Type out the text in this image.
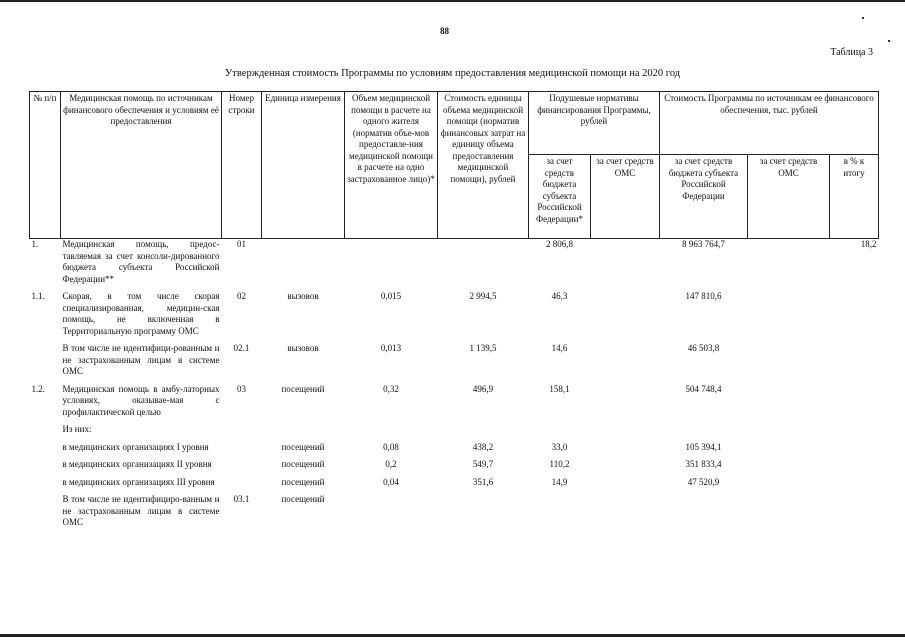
88
Таблица 3
Утвержденная стоимость Программы по условиям предоставления медицинской помощи на 2020 год
№ п/п	Медицинская помощь по источникам финансового обеспечения и условиям её предоставления	Номер строки	Единица измерения	Объем медицинской помощи в расчете на одного жителя (норматив объе-мов предоставле-ния медицинской помощи в расчете на одно застрахованное лицо)*	Стоимость единицы объема медицинской помощи (норматив финансовых затрат на единицу объема предоставления медицинской помощи), рублей	Подушевые нормативы финансирования Программы, рублей		Стоимость Программы по источникам ее финансового обеспечения, тыс. рублей		
						за счет средств бюджета субъекта Российской Федерации*	за счет средств ОМС	за счет средств бюджета субъекта Российской Федерации	за счет средств ОМС	в % к итогу
1.	Медицинская помощь, предос-тавляемая за счет консоли-дированного бюджета субъекта Российской Федерации**	01				2 806,8		8 963 764,7		18,2
1.1.	Скорая, в том числе скорая специализированная, медицин-ская помощь, не включенная в Территориальную программу ОМС	02	вызовов	0,015	2 994,5	46,3		147 810,6		
	В том числе не идентифици-рованным и не застрахованным лицам в системе ОМС	02.1	вызовов	0,013	1 139,5	14,6		46 503,8		
1.2.	Медицинская помощь в амбу-латорных условиях, оказывае-мая с профилактической целью	03	посещений	0,32	496,9	158,1		504 748,4		
	Из них:									
	в медицинских организациях I уровня		посещений	0,08	438,2	33,0		105 394,1		
	в медицинских организациях II уровня		посещений	0,2	549,7	110,2		351 833,4		
	в медицинских организациях III уровня		посещений	0,04	351,6	14,9		47 520,9		
	В том числе не идентифициро-ванным и не застрахованным лицам в системе ОМС	03.1	посещений							
